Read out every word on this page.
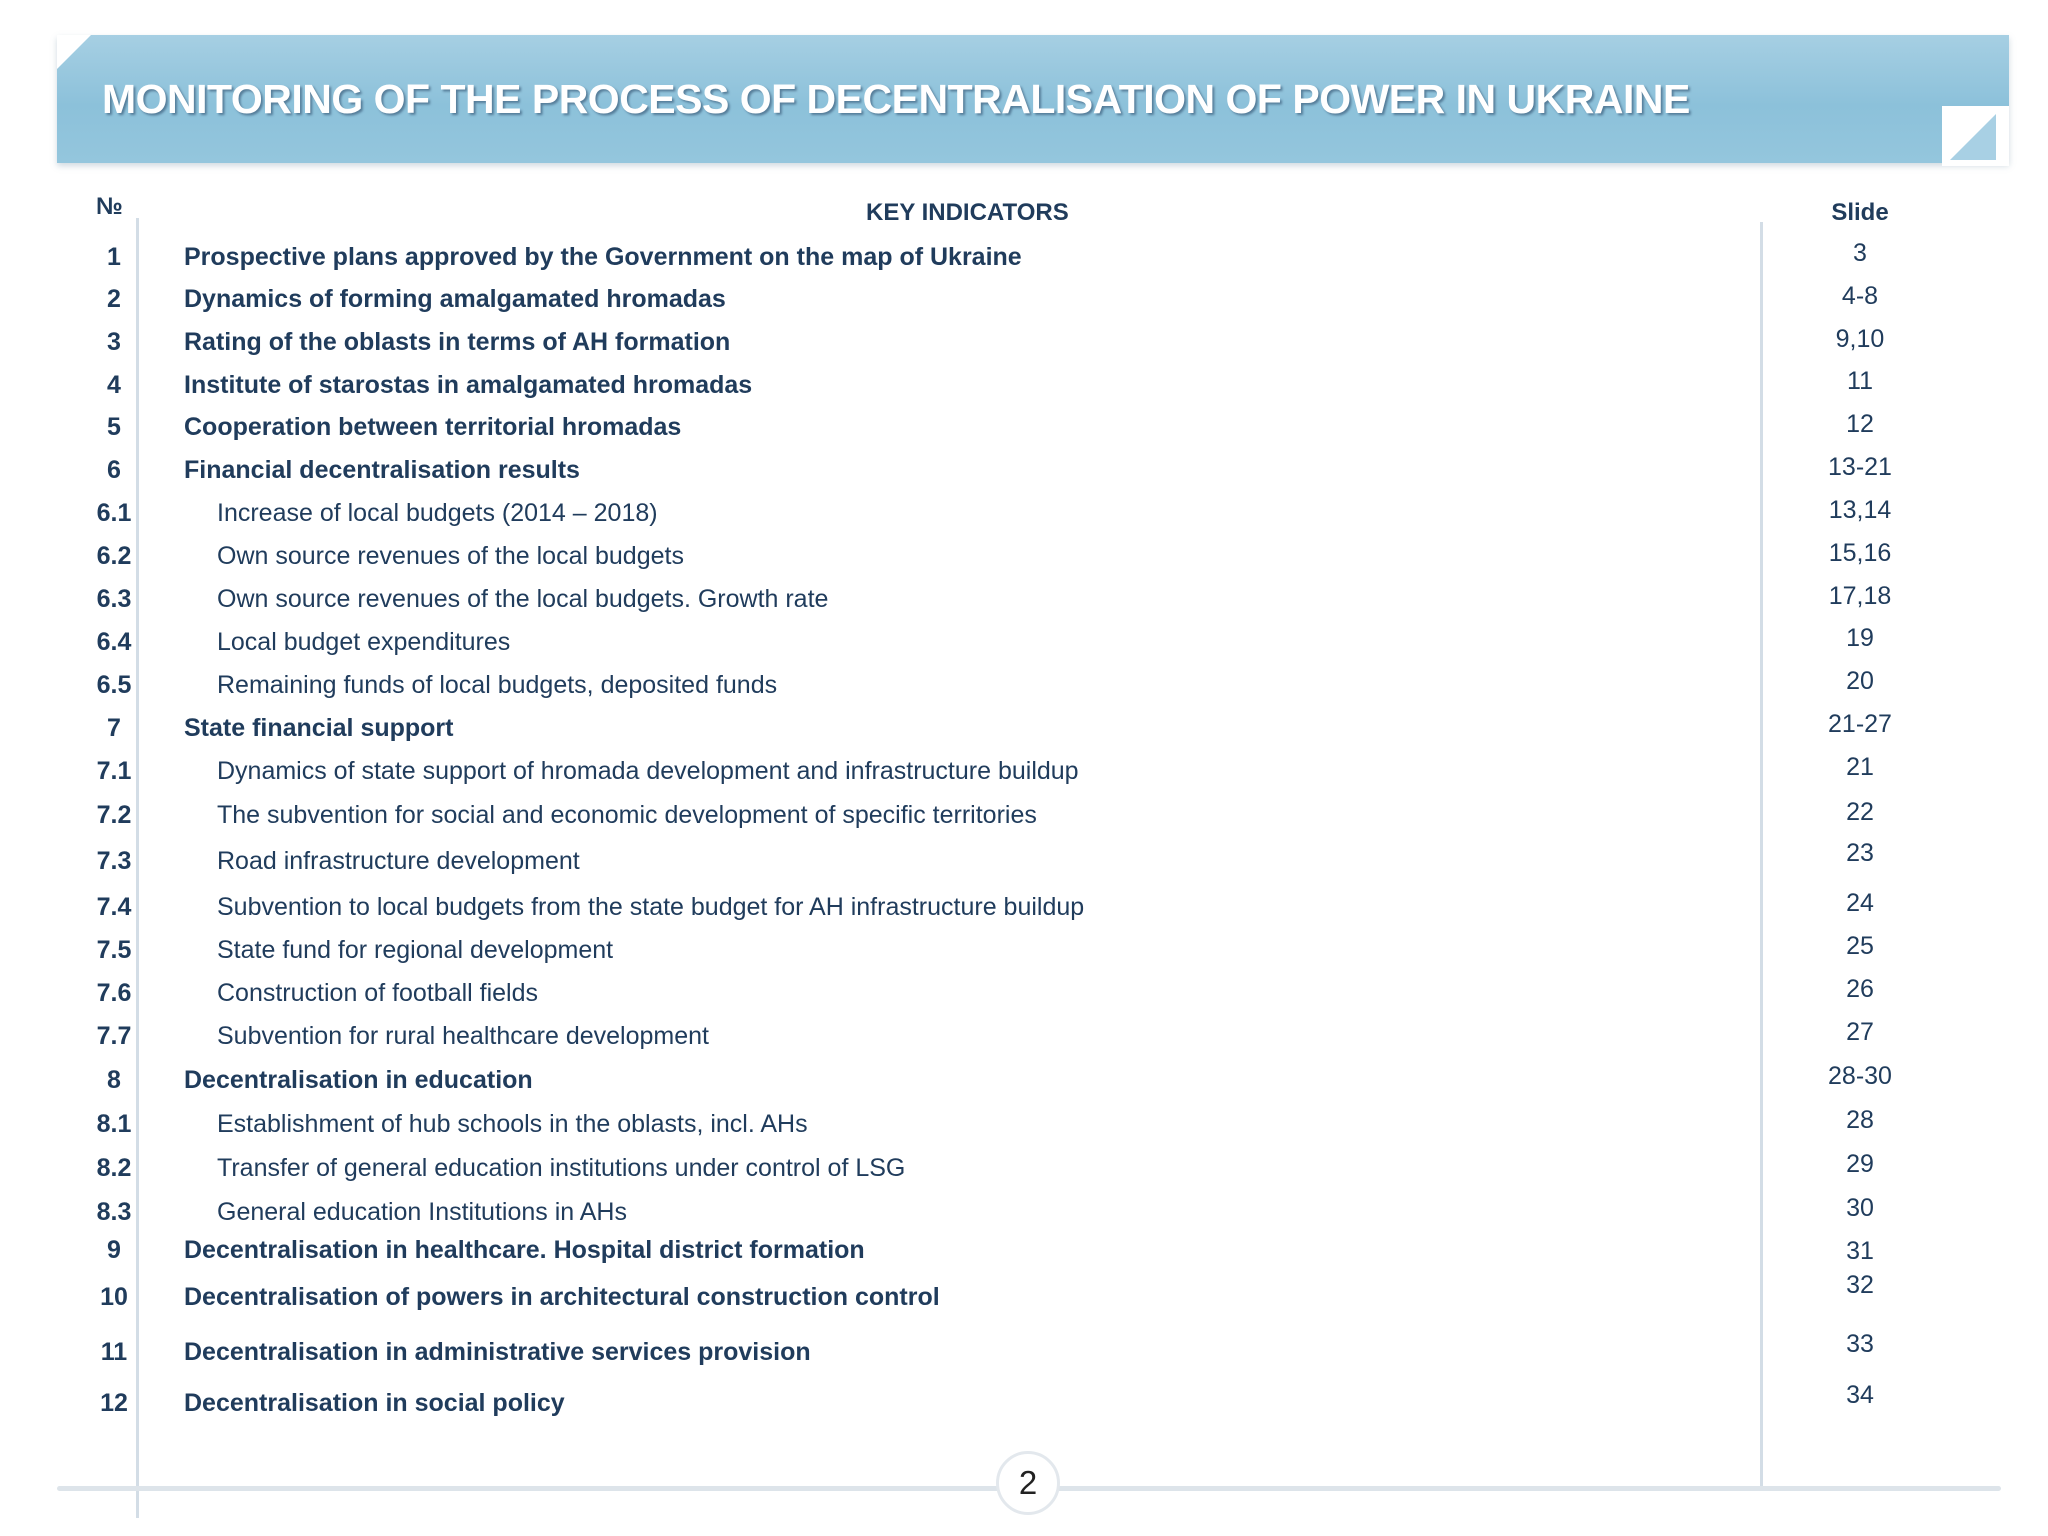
MONITORING OF THE PROCESS OF DECENTRALISATION OF POWER IN UKRAINE
№	KEY INDICATORS	Slide
1	Prospective plans approved by the Government on the map of Ukraine	3
2	Dynamics of forming amalgamated hromadas	4-8
3	Rating of the oblasts in terms of AH formation	9,10
4	Institute of starostas in amalgamated hromadas	11
5	Cooperation between territorial hromadas	12
6	Financial decentralisation results	13-21
6.1	Increase of local budgets (2014 – 2018)	13,14
6.2	Own source revenues of the local budgets	15,16
6.3	Own source revenues of the local budgets. Growth rate	17,18
6.4	Local budget expenditures	19
6.5	Remaining funds of local budgets, deposited funds	20
7	State financial support	21-27
7.1	Dynamics of state support of hromada development and infrastructure buildup	21
7.2	The subvention for social and economic development of specific territories	22
7.3	Road infrastructure development	23
7.4	Subvention to local budgets from the state budget for AH infrastructure buildup	24
7.5	State fund for regional development	25
7.6	Construction of football fields	26
7.7	Subvention for rural healthcare development	27
8	Decentralisation in education	28-30
8.1	Establishment of hub schools in the oblasts, incl. AHs	28
8.2	Transfer of general education institutions under control of LSG	29
8.3	General education Institutions in AHs	30
9	Decentralisation in healthcare. Hospital district formation	31
10	Decentralisation of powers in architectural construction control	32
11	Decentralisation in administrative services provision	33
12	Decentralisation in social policy	34
2
